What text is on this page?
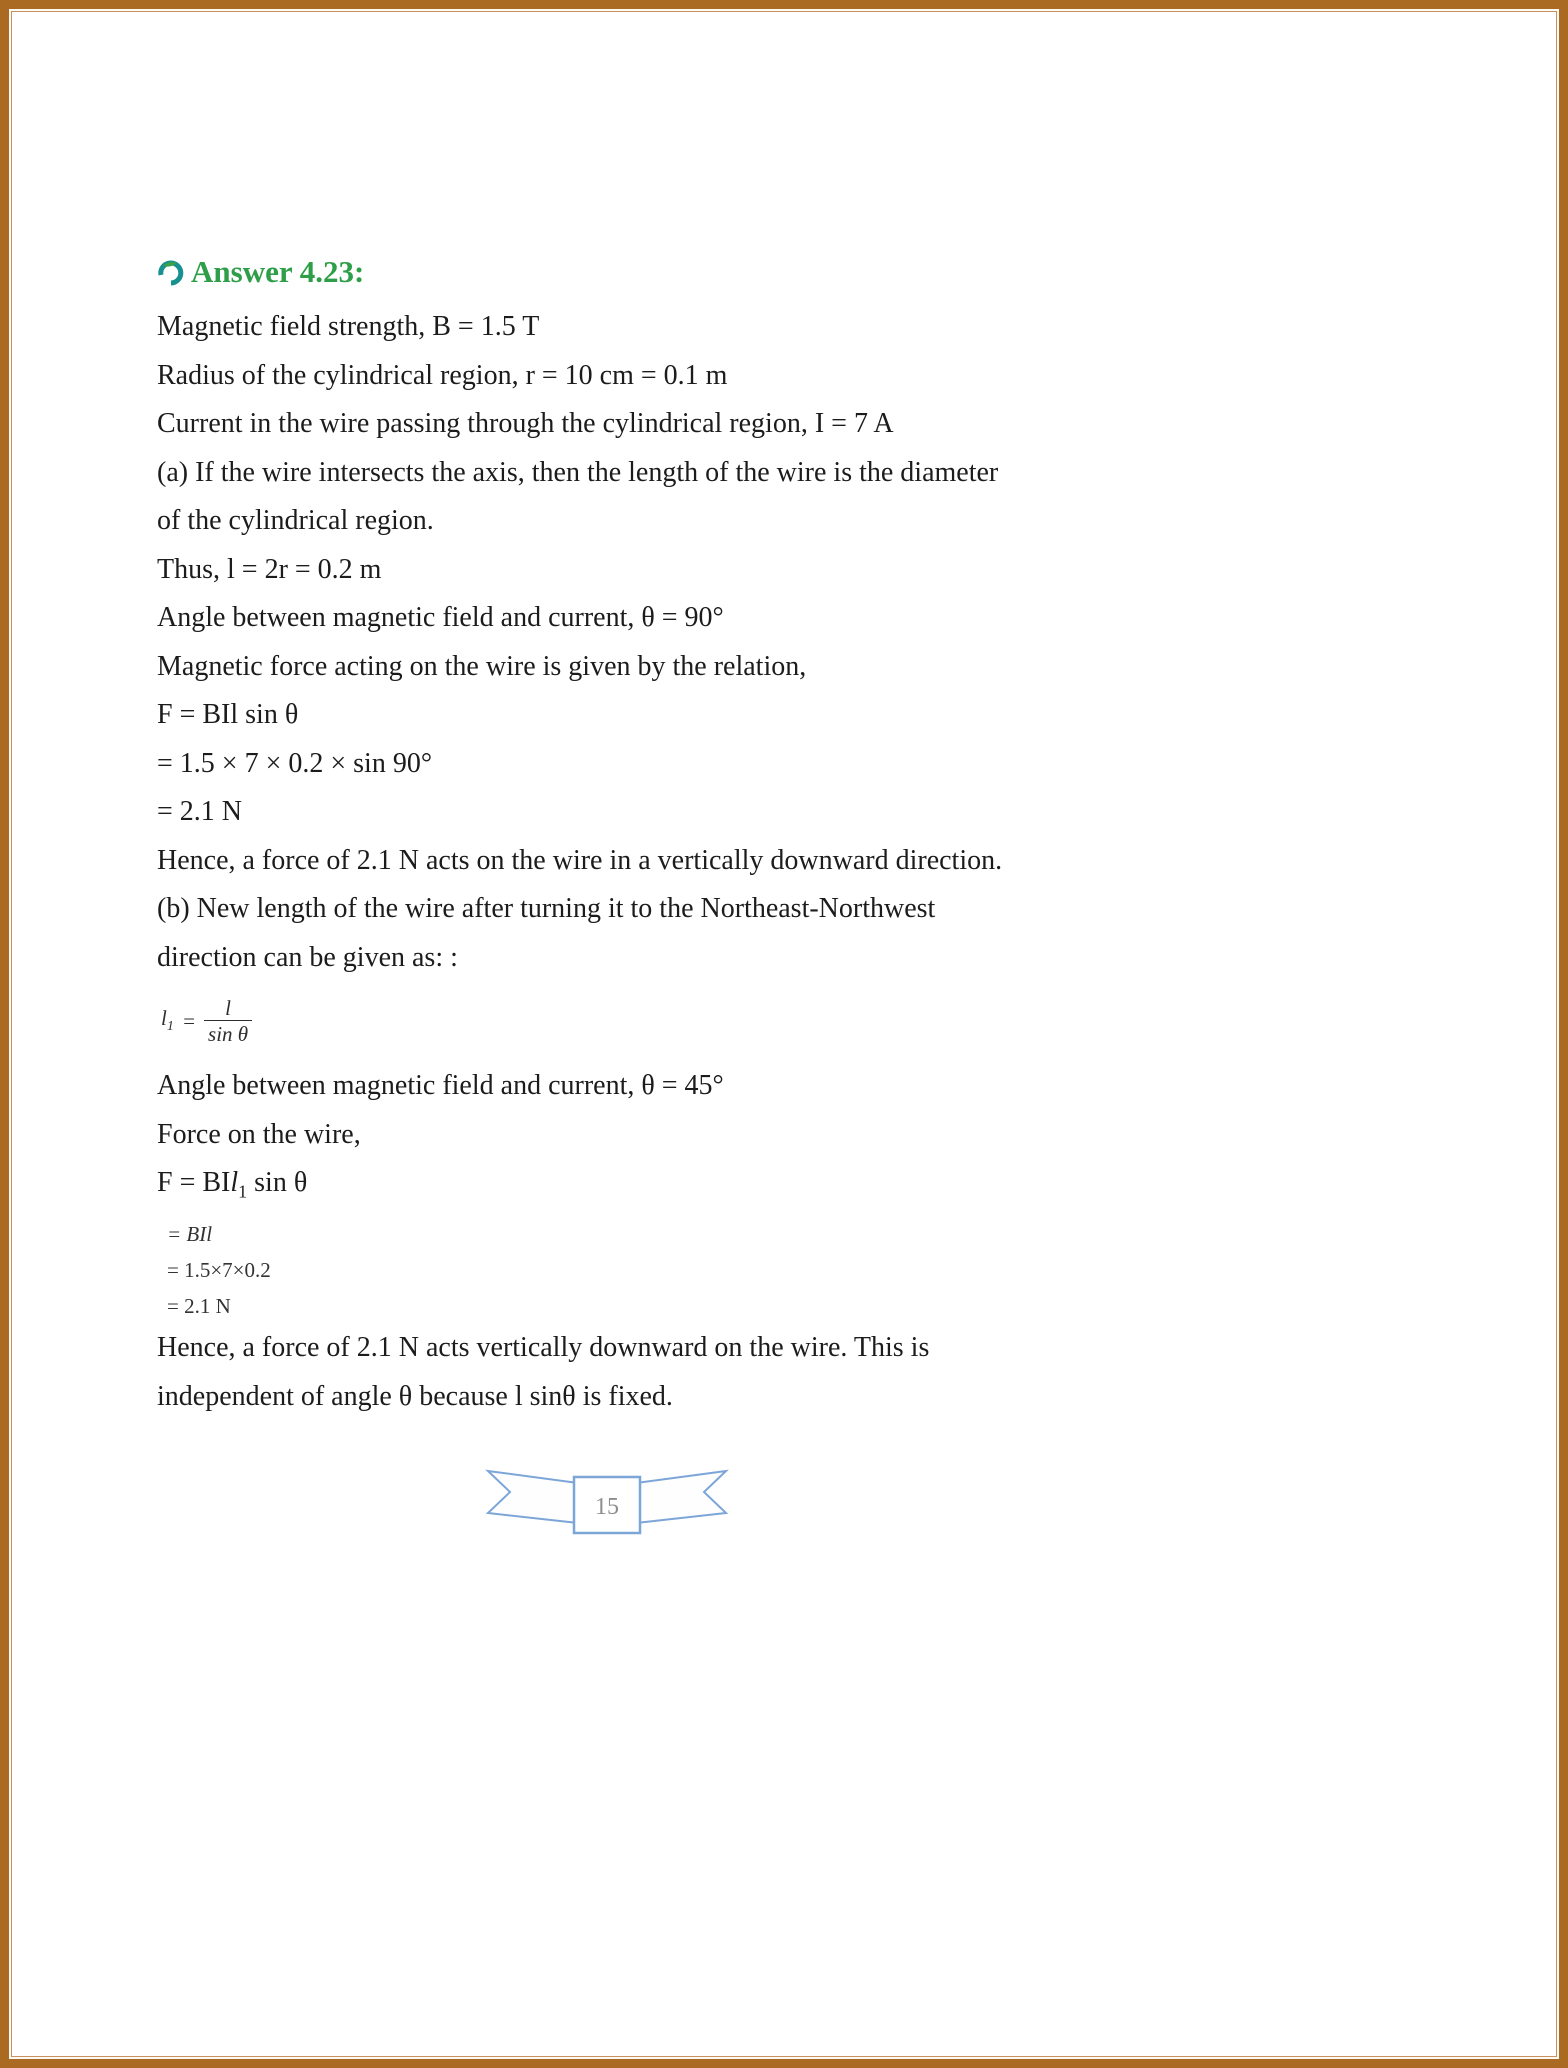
Answer 4.23:
Magnetic field strength, B = 1.5 T
Radius of the cylindrical region, r = 10 cm = 0.1 m
Current in the wire passing through the cylindrical region, I = 7 A
(a) If the wire intersects the axis, then the length of the wire is the diameter
of the cylindrical region.
Thus, l = 2r = 0.2 m
Angle between magnetic field and current, θ = 90°
Magnetic force acting on the wire is given by the relation,
F = BIl sin θ
= 1.5 × 7 × 0.2 × sin 90°
= 2.1 N
Hence, a force of 2.1 N acts on the wire in a vertically downward direction.
(b) New length of the wire after turning it to the Northeast-Northwest
direction can be given as: :
$l_1 = \frac{l}{\text{sin θ}}$
Angle between magnetic field and current, θ = 45°
Force on the wire,
F = BIl$_1$ sin θ
= BIl
= 1.5×7×0.2
= 2.1 N
Hence, a force of 2.1 N acts vertically downward on the wire. This is
independent of angle θ because l sinθ is fixed.
15
